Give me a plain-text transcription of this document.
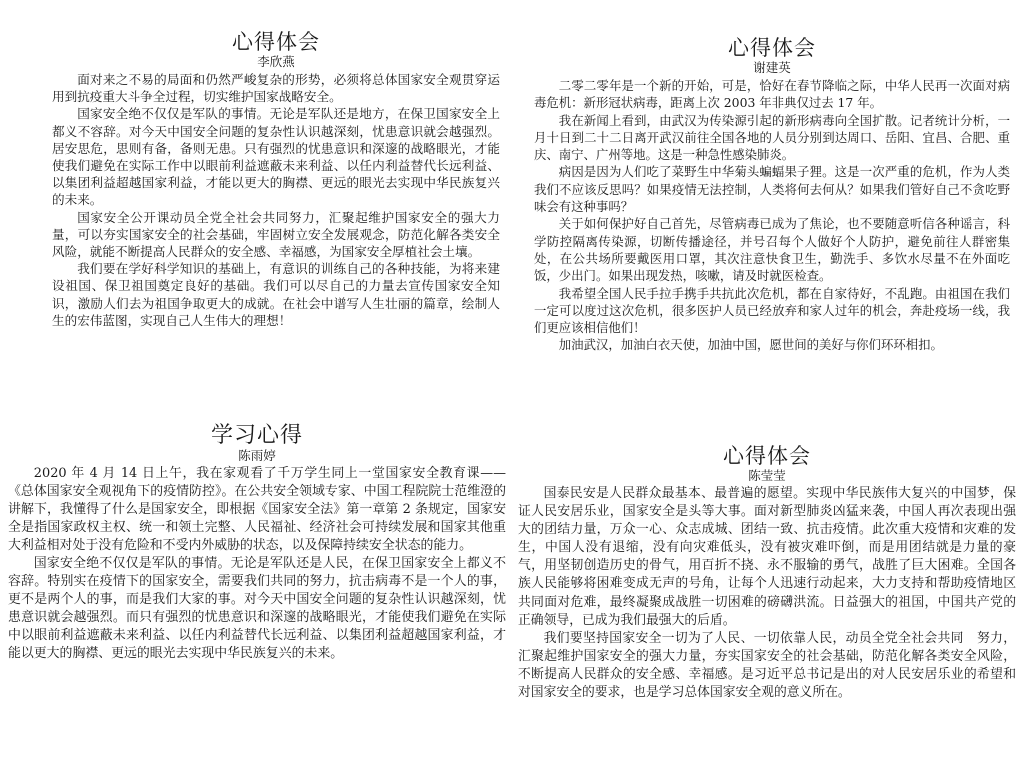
心得体会
李欣燕

面对来之不易的局面和仍然严峻复杂的形势，必须将总体国家安全观贯穿运用到抗疫重大斗争全过程，切实维护国家战略安全。

国家安全绝不仅仅是军队的事情。无论是军队还是地方，在保卫国家安全上都义不容辞。对今天中国安全问题的复杂性认识越深刻，忧患意识就会越强烈。居安思危，思则有备，备则无患。只有强烈的忧患意识和深邃的战略眼光，才能使我们避免在实际工作中以眼前利益遮蔽未来利益、以任内利益替代长远利益、以集团利益超越国家利益，才能以更大的胸襟、更远的眼光去实现中华民族复兴的未来。

国家安全公开课动员全党全社会共同努力，汇聚起维护国家安全的强大力量，可以夯实国家安全的社会基础，牢固树立安全发展观念，防范化解各类安全风险，就能不断提高人民群众的安全感、幸福感，为国家安全厚植社会土壤。

我们要在学好科学知识的基础上，有意识的训练自己的各种技能，为将来建设祖国、保卫祖国奠定良好的基础。我们可以尽自己的力量去宣传国家安全知识，激励人们去为祖国争取更大的成就。在社会中谱写人生壮丽的篇章，绘制人生的宏伟蓝图，实现自己人生伟大的理想！

心得体会
谢建英

二零二零年是一个新的开始，可是，恰好在春节降临之际，中华人民再一次面对病毒危机：新形冠状病毒，距离上次 2003 年非典仅过去 17 年。

我在新闻上看到，由武汉为传染源引起的新形病毒向全国扩散。记者统计分析，一月十日到二十二日离开武汉前往全国各地的人员分别到达周口、岳阳、宜昌、合肥、重庆、南宁、广州等地。这是一种急性感染肺炎。

病因是因为人们吃了菜野生中华菊头蝙蝠果子狸。这是一次严重的危机，作为人类我们不应该反思吗？如果疫情无法控制，人类将何去何从？如果我们管好自己不贪吃野味会有这种事吗？

关于如何保护好自己首先，尽管病毒已成为了焦论，也不要随意听信各种谣言，科学防控隔离传染源，切断传播途径，并号召每个人做好个人防护，避免前往人群密集处，在公共场所要戴医用口罩，其次注意快食卫生，勤洗手、多饮水尽量不在外面吃饭，少出门。如果出现发热，咳嗽，请及时就医检查。

我希望全国人民手拉手携手共抗此次危机，都在自家待好，不乱跑。由祖国在我们一定可以度过这次危机，很多医护人员已经放弃和家人过年的机会，奔赴疫场一线，我们更应该相信他们！

加油武汉，加油白衣天使，加油中国，愿世间的美好与你们环环相扣。

学习心得
陈雨婷

2020 年 4 月 14 日上午，我在家观看了千万学生同上一堂国家安全教育课——《总体国家安全观视角下的疫情防控》。在公共安全领域专家、中国工程院院士范维澄的讲解下，我懂得了什么是国家安全，即根据《国家安全法》第一章第 2 条规定，国家安全是指国家政权主权、统一和领土完整、人民福祉、经济社会可持续发展和国家其他重大利益相对处于没有危险和不受内外威胁的状态，以及保障持续安全状态的能力。

国家安全绝不仅仅是军队的事情。无论是军队还是人民，在保卫国家安全上都义不容辞。特别实在疫情下的国家安全，需要我们共同的努力，抗击病毒不是一个人的事，更不是两个人的事，而是我们大家的事。对今天中国安全问题的复杂性认识越深刻，忧患意识就会越强烈。而只有强烈的忧患意识和深邃的战略眼光，才能使我们避免在实际中以眼前利益遮蔽未来利益、以任内利益替代长远利益、以集团利益超越国家利益，才能以更大的胸襟、更远的眼光去实现中华民族复兴的未来。

心得体会
陈莹莹

国泰民安是人民群众最基本、最普遍的愿望。实现中华民族伟大复兴的中国梦，保证人民安居乐业，国家安全是头等大事。面对新型肺炎凶猛来袭，中国人再次表现出强大的团结力量，万众一心、众志成城、团结一致、抗击疫情。此次重大疫情和灾难的发生，中国人没有退缩，没有向灾难低头，没有被灾难吓倒，而是用团结就是力量的豪气，用坚韧创造历史的骨气，用百折不挠、永不服输的勇气，战胜了巨大困难。全国各族人民能够将困难变成无声的号角，让每个人迅速行动起来，大力支持和帮助疫情地区共同面对危难，最终凝聚成战胜一切困难的磅礴洪流。日益强大的祖国，中国共产党的正确领导，已成为我们最强大的后盾。

我们要坚持国家安全一切为了人民、一切依靠人民，动员全党全社会共同　努力，汇聚起维护国家安全的强大力量，夯实国家安全的社会基础，防范化解各类安全风险，不断提高人民群众的安全感、幸福感。是习近平总书记是出的对人民安居乐业的希望和对国家安全的要求，也是学习总体国家安全观的意义所在。
